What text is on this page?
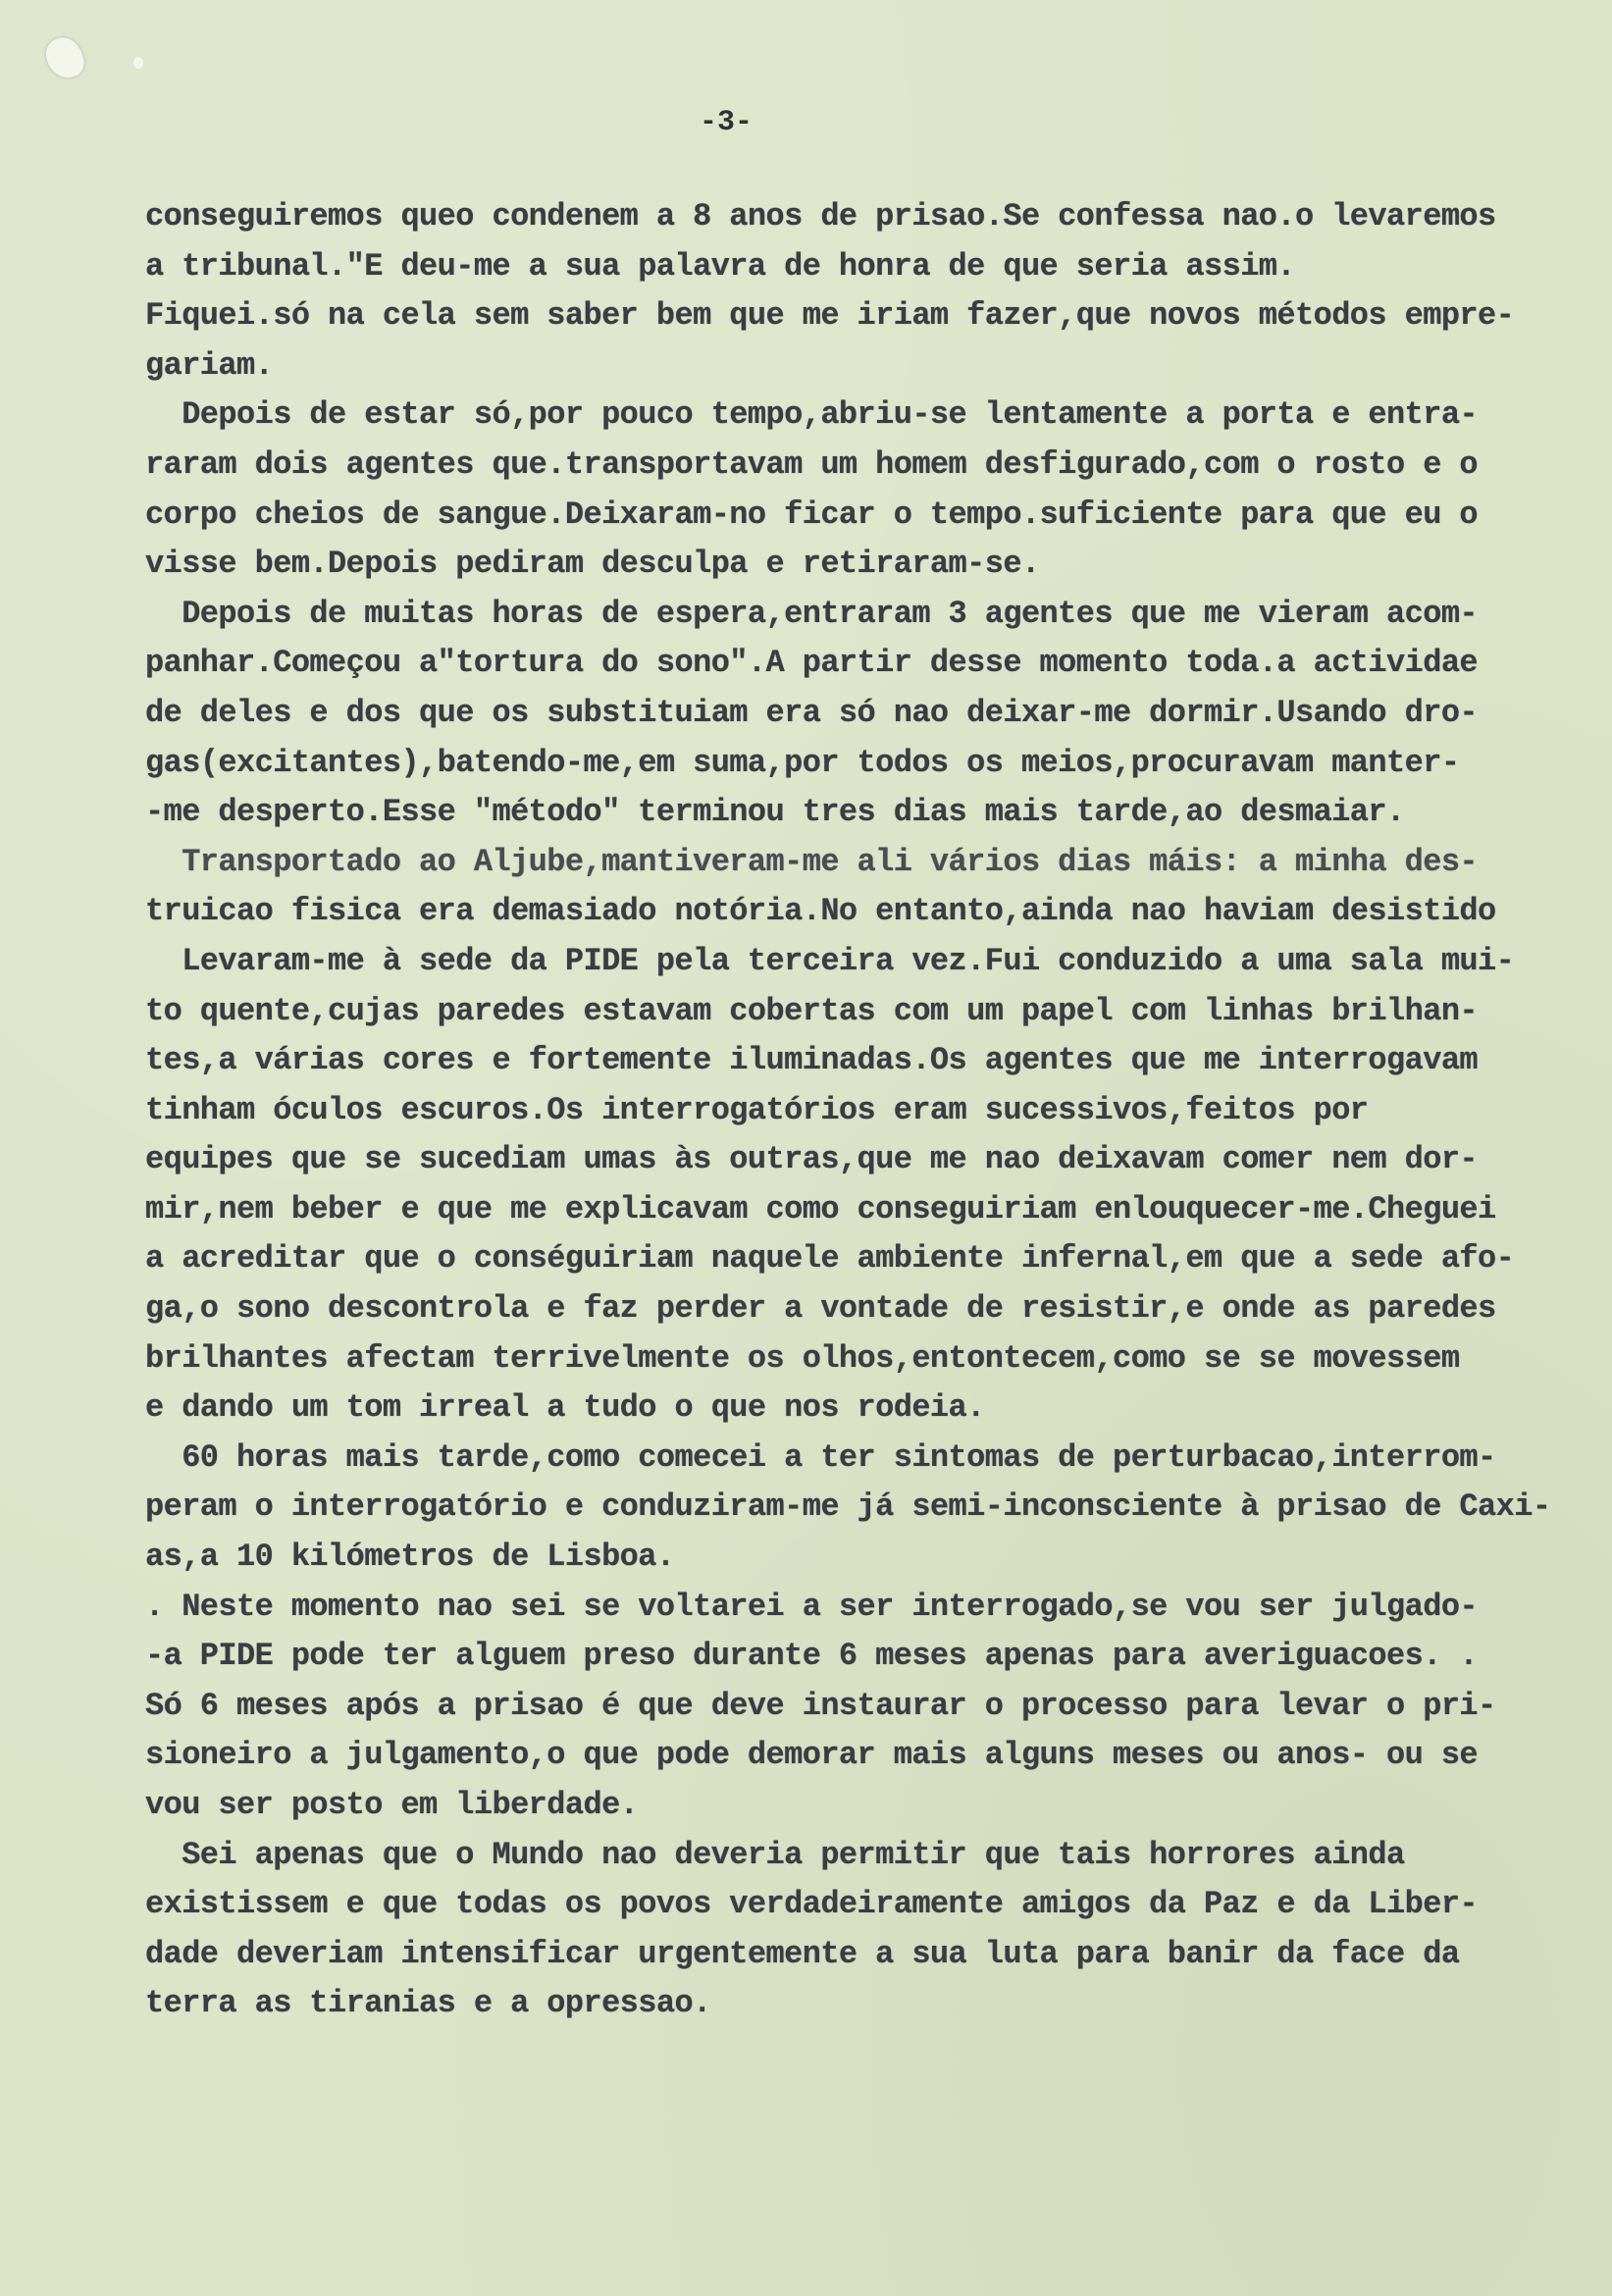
-3-
conseguiremos queo condenem a 8 anos de prisao.Se confessa nao.o levaremos
a tribunal."E deu-me a sua palavra de honra de que seria assim.
Fiquei.só na cela sem saber bem que me iriam fazer,que novos métodos empre-
gariam.
Depois de estar só,por pouco tempo,abriu-se lentamente a porta e entra-
raram dois agentes que.transportavam um homem desfigurado,com o rosto e o
corpo cheios de sangue.Deixaram-no ficar o tempo.suficiente para que eu o
visse bem.Depois pediram desculpa e retiraram-se.
Depois de muitas horas de espera,entraram 3 agentes que me vieram acom-
panhar.Começou a"tortura do sono".A partir desse momento toda.a actividae
de deles e dos que os substituiam era só nao deixar-me dormir.Usando dro-
gas(excitantes),batendo-me,em suma,por todos os meios,procuravam manter-
-me desperto.Esse "método" terminou tres dias mais tarde,ao desmaiar.
Transportado ao Aljube,mantiveram-me ali vários dias máis: a minha des-
truicao fisica era demasiado notória.No entanto,ainda nao haviam desistido
Levaram-me à sede da PIDE pela terceira vez.Fui conduzido a uma sala mui-
to quente,cujas paredes estavam cobertas com um papel com linhas brilhan-
tes,a várias cores e fortemente iluminadas.Os agentes que me interrogavam
tinham óculos escuros.Os interrogatórios eram sucessivos,feitos por
equipes que se sucediam umas às outras,que me nao deixavam comer nem dor-
mir,nem beber e que me explicavam como conseguiriam enlouquecer-me.Cheguei
a acreditar que o conséguiriam naquele ambiente infernal,em que a sede afo-
ga,o sono descontrola e faz perder a vontade de resistir,e onde as paredes
brilhantes afectam terrivelmente os olhos,entontecem,como se se movessem
e dando um tom irreal a tudo o que nos rodeia.
60 horas mais tarde,como comecei a ter sintomas de perturbacao,interrom-
peram o interrogatório e conduziram-me já semi-inconsciente à prisao de Caxi-
as,a 10 kilómetros de Lisboa.
. Neste momento nao sei se voltarei a ser interrogado,se vou ser julgado-
-a PIDE pode ter alguem preso durante 6 meses apenas para averiguacoes. .
Só 6 meses após a prisao é que deve instaurar o processo para levar o pri-
sioneiro a julgamento,o que pode demorar mais alguns meses ou anos- ou se
vou ser posto em liberdade.
Sei apenas que o Mundo nao deveria permitir que tais horrores ainda
existissem e que todas os povos verdadeiramente amigos da Paz e da Liber-
dade deveriam intensificar urgentemente a sua luta para banir da face da
terra as tiranias e a opressao.
